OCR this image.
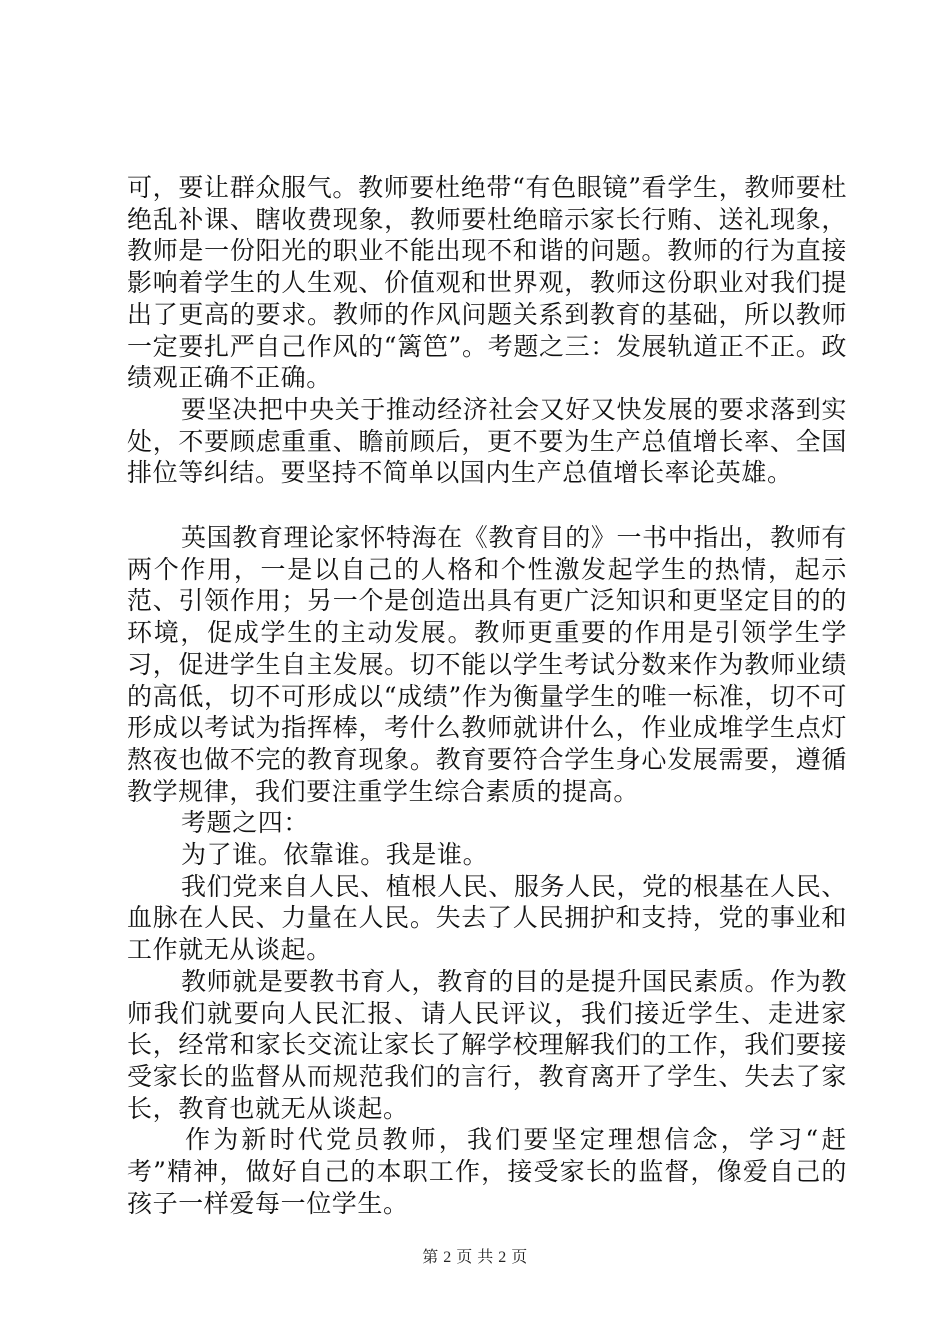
可，要让群众服气。教师要杜绝带“有色眼镜”看学生，教师要杜绝乱补课、瞎收费现象，教师要杜绝暗示家长行贿、送礼现象，教师是一份阳光的职业不能出现不和谐的问题。教师的行为直接影响着学生的人生观、价值观和世界观，教师这份职业对我们提出了更高的要求。教师的作风问题关系到教育的基础，所以教师一定要扎严自己作风的“篱笆”。考题之三：发展轨道正不正。政绩观正确不正确。

要坚决把中央关于推动经济社会又好又快发展的要求落到实处，不要顾虑重重、瞻前顾后，更不要为生产总值增长率、全国排位等纠结。要坚持不简单以国内生产总值增长率论英雄。

英国教育理论家怀特海在《教育目的》一书中指出，教师有两个作用，一是以自己的人格和个性激发起学生的热情，起示范、引领作用；另一个是创造出具有更广泛知识和更坚定目的的环境，促成学生的主动发展。教师更重要的作用是引领学生学习，促进学生自主发展。切不能以学生考试分数来作为教师业绩的高低，切不可形成以“成绩”作为衡量学生的唯一标准，切不可形成以考试为指挥棒，考什么教师就讲什么，作业成堆学生点灯熬夜也做不完的教育现象。教育要符合学生身心发展需要，遵循教学规律，我们要注重学生综合素质的提高。

考题之四：

为了谁。依靠谁。我是谁。

我们党来自人民、植根人民、服务人民，党的根基在人民、血脉在人民、力量在人民。失去了人民拥护和支持，党的事业和工作就无从谈起。

教师就是要教书育人，教育的目的是提升国民素质。作为教师我们就要向人民汇报、请人民评议，我们接近学生、走进家长，经常和家长交流让家长了解学校理解我们的工作，我们要接受家长的监督从而规范我们的言行，教育离开了学生、失去了家长，教育也就无从谈起。

作为新时代党员教师，我们要坚定理想信念，学习“赶考”精神，做好自己的本职工作，接受家长的监督，像爱自己的孩子一样爱每一位学生。

第 2 页 共 2 页
